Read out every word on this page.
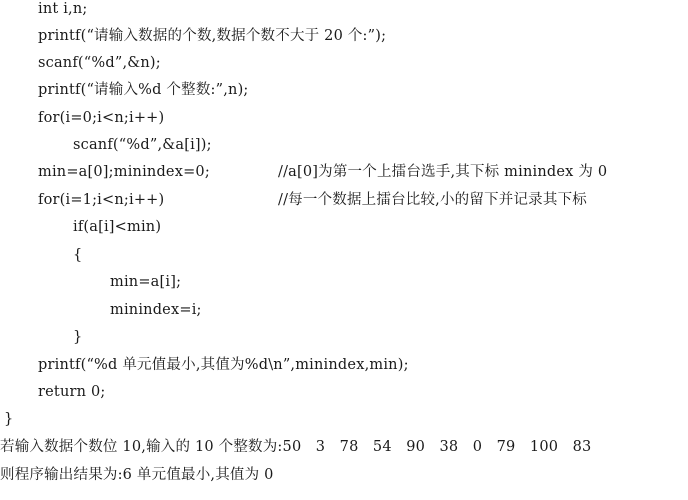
int i,n;
printf(“请输入数据的个数,数据个数不大于 20 个:”);
scanf(“%d”,&n);
printf(“请输入%d 个整数:”,n);
for(i=0;i<n;i++)
scanf(“%d”,&a[i]);
min=a[0];minindex=0;	//a[0]为第一个上擂台选手,其下标 minindex 为 0
for(i=1;i<n;i++)	//每一个数据上擂台比较,小的留下并记录其下标
if(a[i]<min)
{
min=a[i];
minindex=i;
}
printf(“%d 单元值最小,其值为%d\n”,minindex,min);
return 0;
}
若输入数据个数位 10,输入的 10 个整数为:50   3   78   54   90   38   0   79   100   83
则程序输出结果为:6 单元值最小,其值为 0
